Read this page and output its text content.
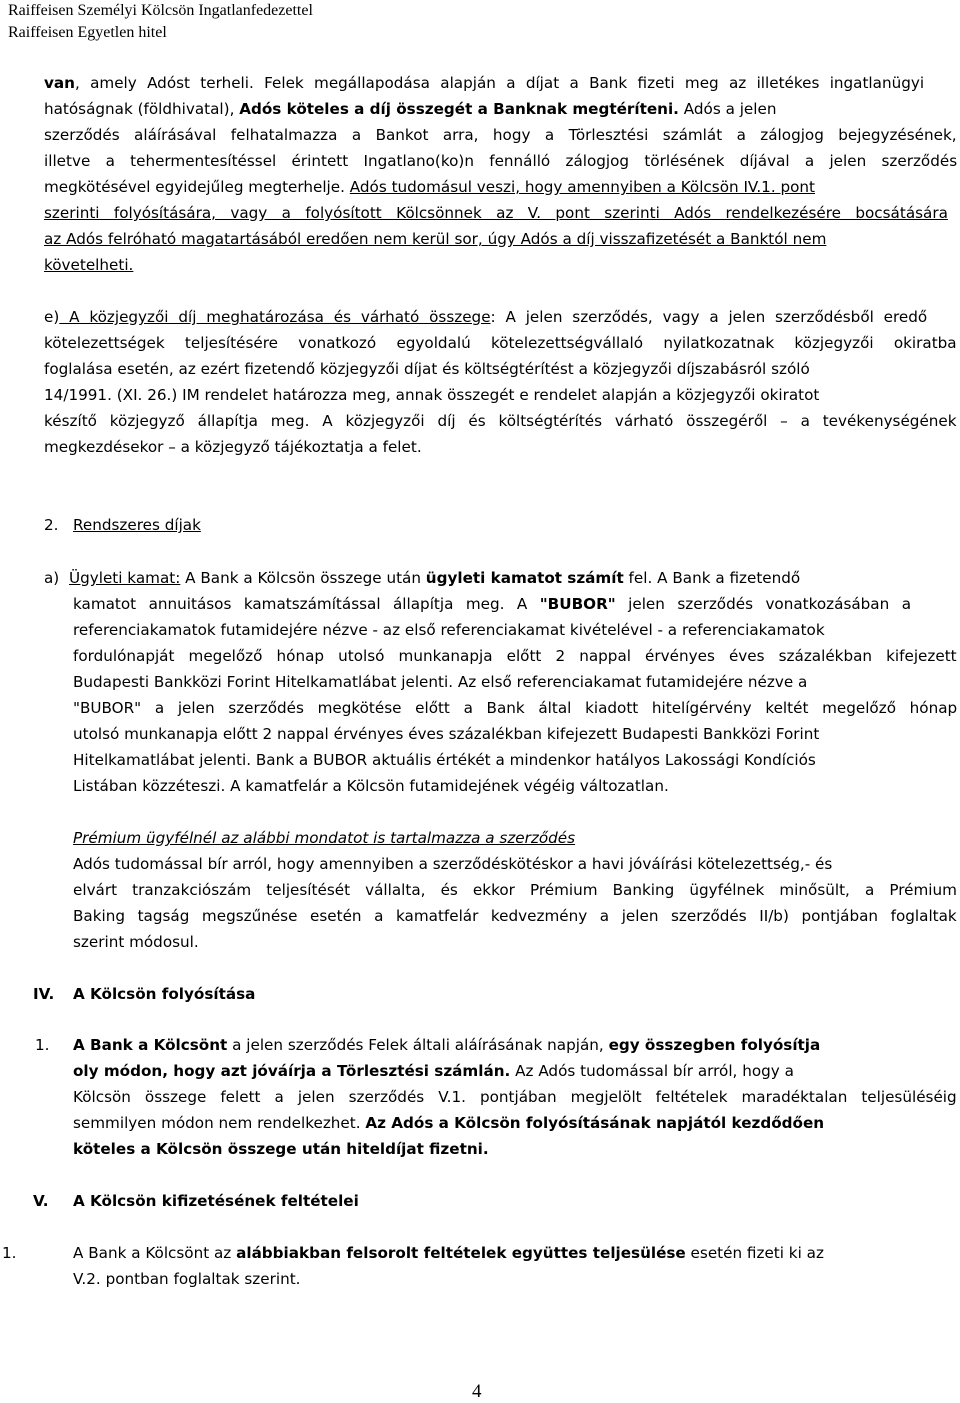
Raiffeisen Személyi Kölcsön Ingatlanfedezettel
Raiffeisen Egyetlen hitel
van, amely Adóst terheli. Felek megállapodása alapján a díjat a Bank fizeti meg az illetékes ingatlanügyi
hatóságnak (földhivatal), Adós köteles a díj összegét a Banknak megtéríteni. Adós a jelen
szerződés aláírásával felhatalmazza a Bankot arra, hogy a Törlesztési számlát a zálogjog bejegyzésének,
illetve a tehermentesítéssel érintett Ingatlano(ko)n fennálló zálogjog törlésének díjával a jelen szerződés
megkötésével egyidejűleg megterhelje. Adós tudomásul veszi, hogy amennyiben a Kölcsön IV.1. pont
szerinti folyósítására, vagy a folyósított Kölcsönnek az V. pont szerinti Adós rendelkezésére bocsátására
az Adós felróható magatartásából eredően nem kerül sor, úgy Adós a díj visszafizetését a Banktól nem
követelheti.
e) A közjegyzői díj meghatározása és várható összege: A jelen szerződés, vagy a jelen szerződésből eredő
kötelezettségek teljesítésére vonatkozó egyoldalú kötelezettségvállaló nyilatkozatnak közjegyzői okiratba
foglalása esetén, az ezért fizetendő közjegyzői díjat és költségtérítést a közjegyzői díjszabásról szóló
14/1991. (XI. 26.) IM rendelet határozza meg, annak összegét e rendelet alapján a közjegyzői okiratot
készítő közjegyző állapítja meg. A közjegyzői díj és költségtérítés várható összegéről – a tevékenységének
megkezdésekor – a közjegyző tájékoztatja a felet.
2. Rendszeres díjak
a) Ügyleti kamat: A Bank a Kölcsön összege után ügyleti kamatot számít fel. A Bank a fizetendő
kamatot annuitásos kamatszámítással állapítja meg. A "BUBOR" jelen szerződés vonatkozásában a
referenciakamatok futamidejére nézve - az első referenciakamat kivételével - a referenciakamatok
fordulónapját megelőző hónap utolsó munkanapja előtt 2 nappal érvényes éves százalékban kifejezett
Budapesti Bankközi Forint Hitelkamatlábat jelenti. Az első referenciakamat futamidejére nézve a
"BUBOR" a jelen szerződés megkötése előtt a Bank által kiadott hitelígérvény keltét megelőző hónap
utolsó munkanapja előtt 2 nappal érvényes éves százalékban kifejezett Budapesti Bankközi Forint
Hitelkamatlábat jelenti. Bank a BUBOR aktuális értékét a mindenkor hatályos Lakossági Kondíciós
Listában közzéteszi. A kamatfelár a Kölcsön futamidejének végéig változatlan.
Prémium ügyfélnél az alábbi mondatot is tartalmazza a szerződés
Adós tudomással bír arról, hogy amennyiben a szerződéskötéskor a havi jóváírási kötelezettség,- és
elvárt tranzakciószám teljesítését vállalta, és ekkor Prémium Banking ügyfélnek minősült, a Prémium
Baking tagság megszűnése esetén a kamatfelár kedvezmény a jelen szerződés II/b) pontjában foglaltak
szerint módosul.
IV. A Kölcsön folyósítása
1. A Bank a Kölcsönt a jelen szerződés Felek általi aláírásának napján, egy összegben folyósítja
oly módon, hogy azt jóváírja a Törlesztési számlán. Az Adós tudomással bír arról, hogy a
Kölcsön összege felett a jelen szerződés V.1. pontjában megjelölt feltételek maradéktalan teljesüléséig
semmilyen módon nem rendelkezhet. Az Adós a Kölcsön folyósításának napjától kezdődően
köteles a Kölcsön összege után hiteldíjat fizetni.
V. A Kölcsön kifizetésének feltételei
1.	A Bank a Kölcsönt az alábbiakban felsorolt feltételek együttes teljesülése esetén fizeti ki az
V.2. pontban foglaltak szerint.
4
